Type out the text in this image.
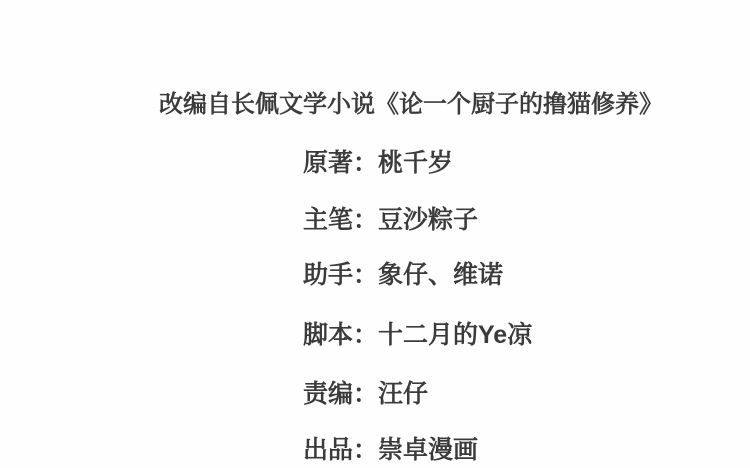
改编自长佩文学小说《论一个厨子的撸猫修养》
原著：桃千岁
主笔：豆沙粽子
助手：象仔、维诺
脚本：十二月的Ye凉
责编：汪仔
出品：崇卓漫画
